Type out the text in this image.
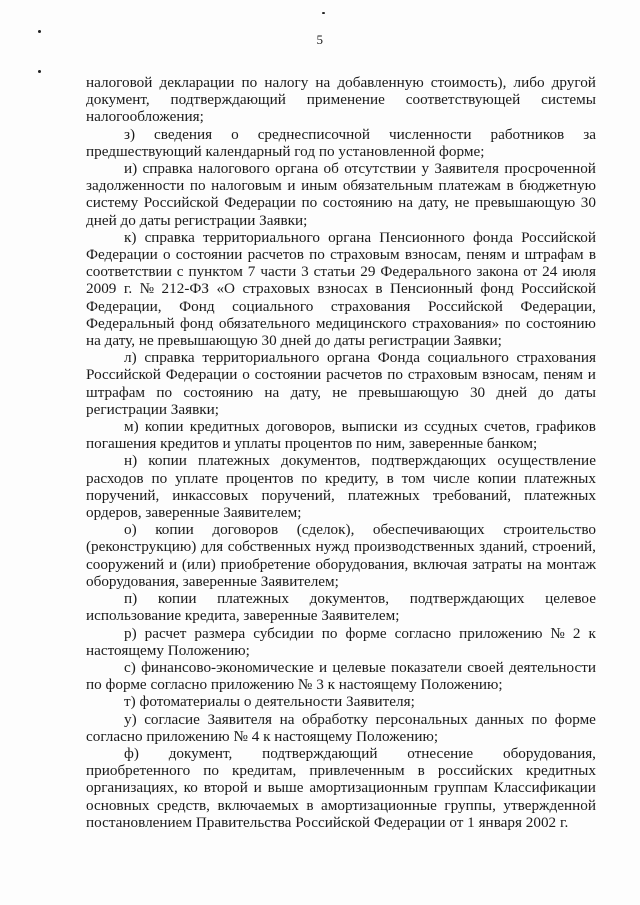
5
налоговой декларации по налогу на добавленную стоимость), либо другой
документ, подтверждающий применение соответствующей системы
налогообложения;
з) сведения о среднесписочной численности работников за
предшествующий календарный год по установленной форме;
и) справка налогового органа об отсутствии у Заявителя просроченной
задолженности по налоговым и иным обязательным платежам в бюджетную
систему Российской Федерации по состоянию на дату, не превышающую 30
дней до даты регистрации Заявки;
к) справка территориального органа Пенсионного фонда Российской
Федерации о состоянии расчетов по страховым взносам, пеням и штрафам в
соответствии с пунктом 7 части 3 статьи 29 Федерального закона от 24 июля
2009 г. № 212-ФЗ «О страховых взносах в Пенсионный фонд Российской
Федерации, Фонд социального страхования Российской Федерации,
Федеральный фонд обязательного медицинского страхования» по состоянию
на дату, не превышающую 30 дней до даты регистрации Заявки;
л) справка территориального органа Фонда социального страхования
Российской Федерации о состоянии расчетов по страховым взносам, пеням и
штрафам по состоянию на дату, не превышающую 30 дней до даты
регистрации Заявки;
м) копии кредитных договоров, выписки из ссудных счетов, графиков
погашения кредитов и уплаты процентов по ним, заверенные банком;
н) копии платежных документов, подтверждающих осуществление
расходов по уплате процентов по кредиту, в том числе копии платежных
поручений, инкассовых поручений, платежных требований, платежных
ордеров, заверенные Заявителем;
о) копии договоров (сделок), обеспечивающих строительство
(реконструкцию) для собственных нужд производственных зданий, строений,
сооружений и (или) приобретение оборудования, включая затраты на монтаж
оборудования, заверенные Заявителем;
п) копии платежных документов, подтверждающих целевое
использование кредита, заверенные Заявителем;
р) расчет размера субсидии по форме согласно приложению № 2 к
настоящему Положению;
с) финансово-экономические и целевые показатели своей деятельности
по форме согласно приложению № 3 к настоящему Положению;
т) фотоматериалы о деятельности Заявителя;
у) согласие Заявителя на обработку персональных данных по форме
согласно приложению № 4 к настоящему Положению;
ф) документ, подтверждающий отнесение оборудования,
приобретенного по кредитам, привлеченным в российских кредитных
организациях, ко второй и выше амортизационным группам Классификации
основных средств, включаемых в амортизационные группы, утвержденной
постановлением Правительства Российской Федерации от 1 января 2002 г.
